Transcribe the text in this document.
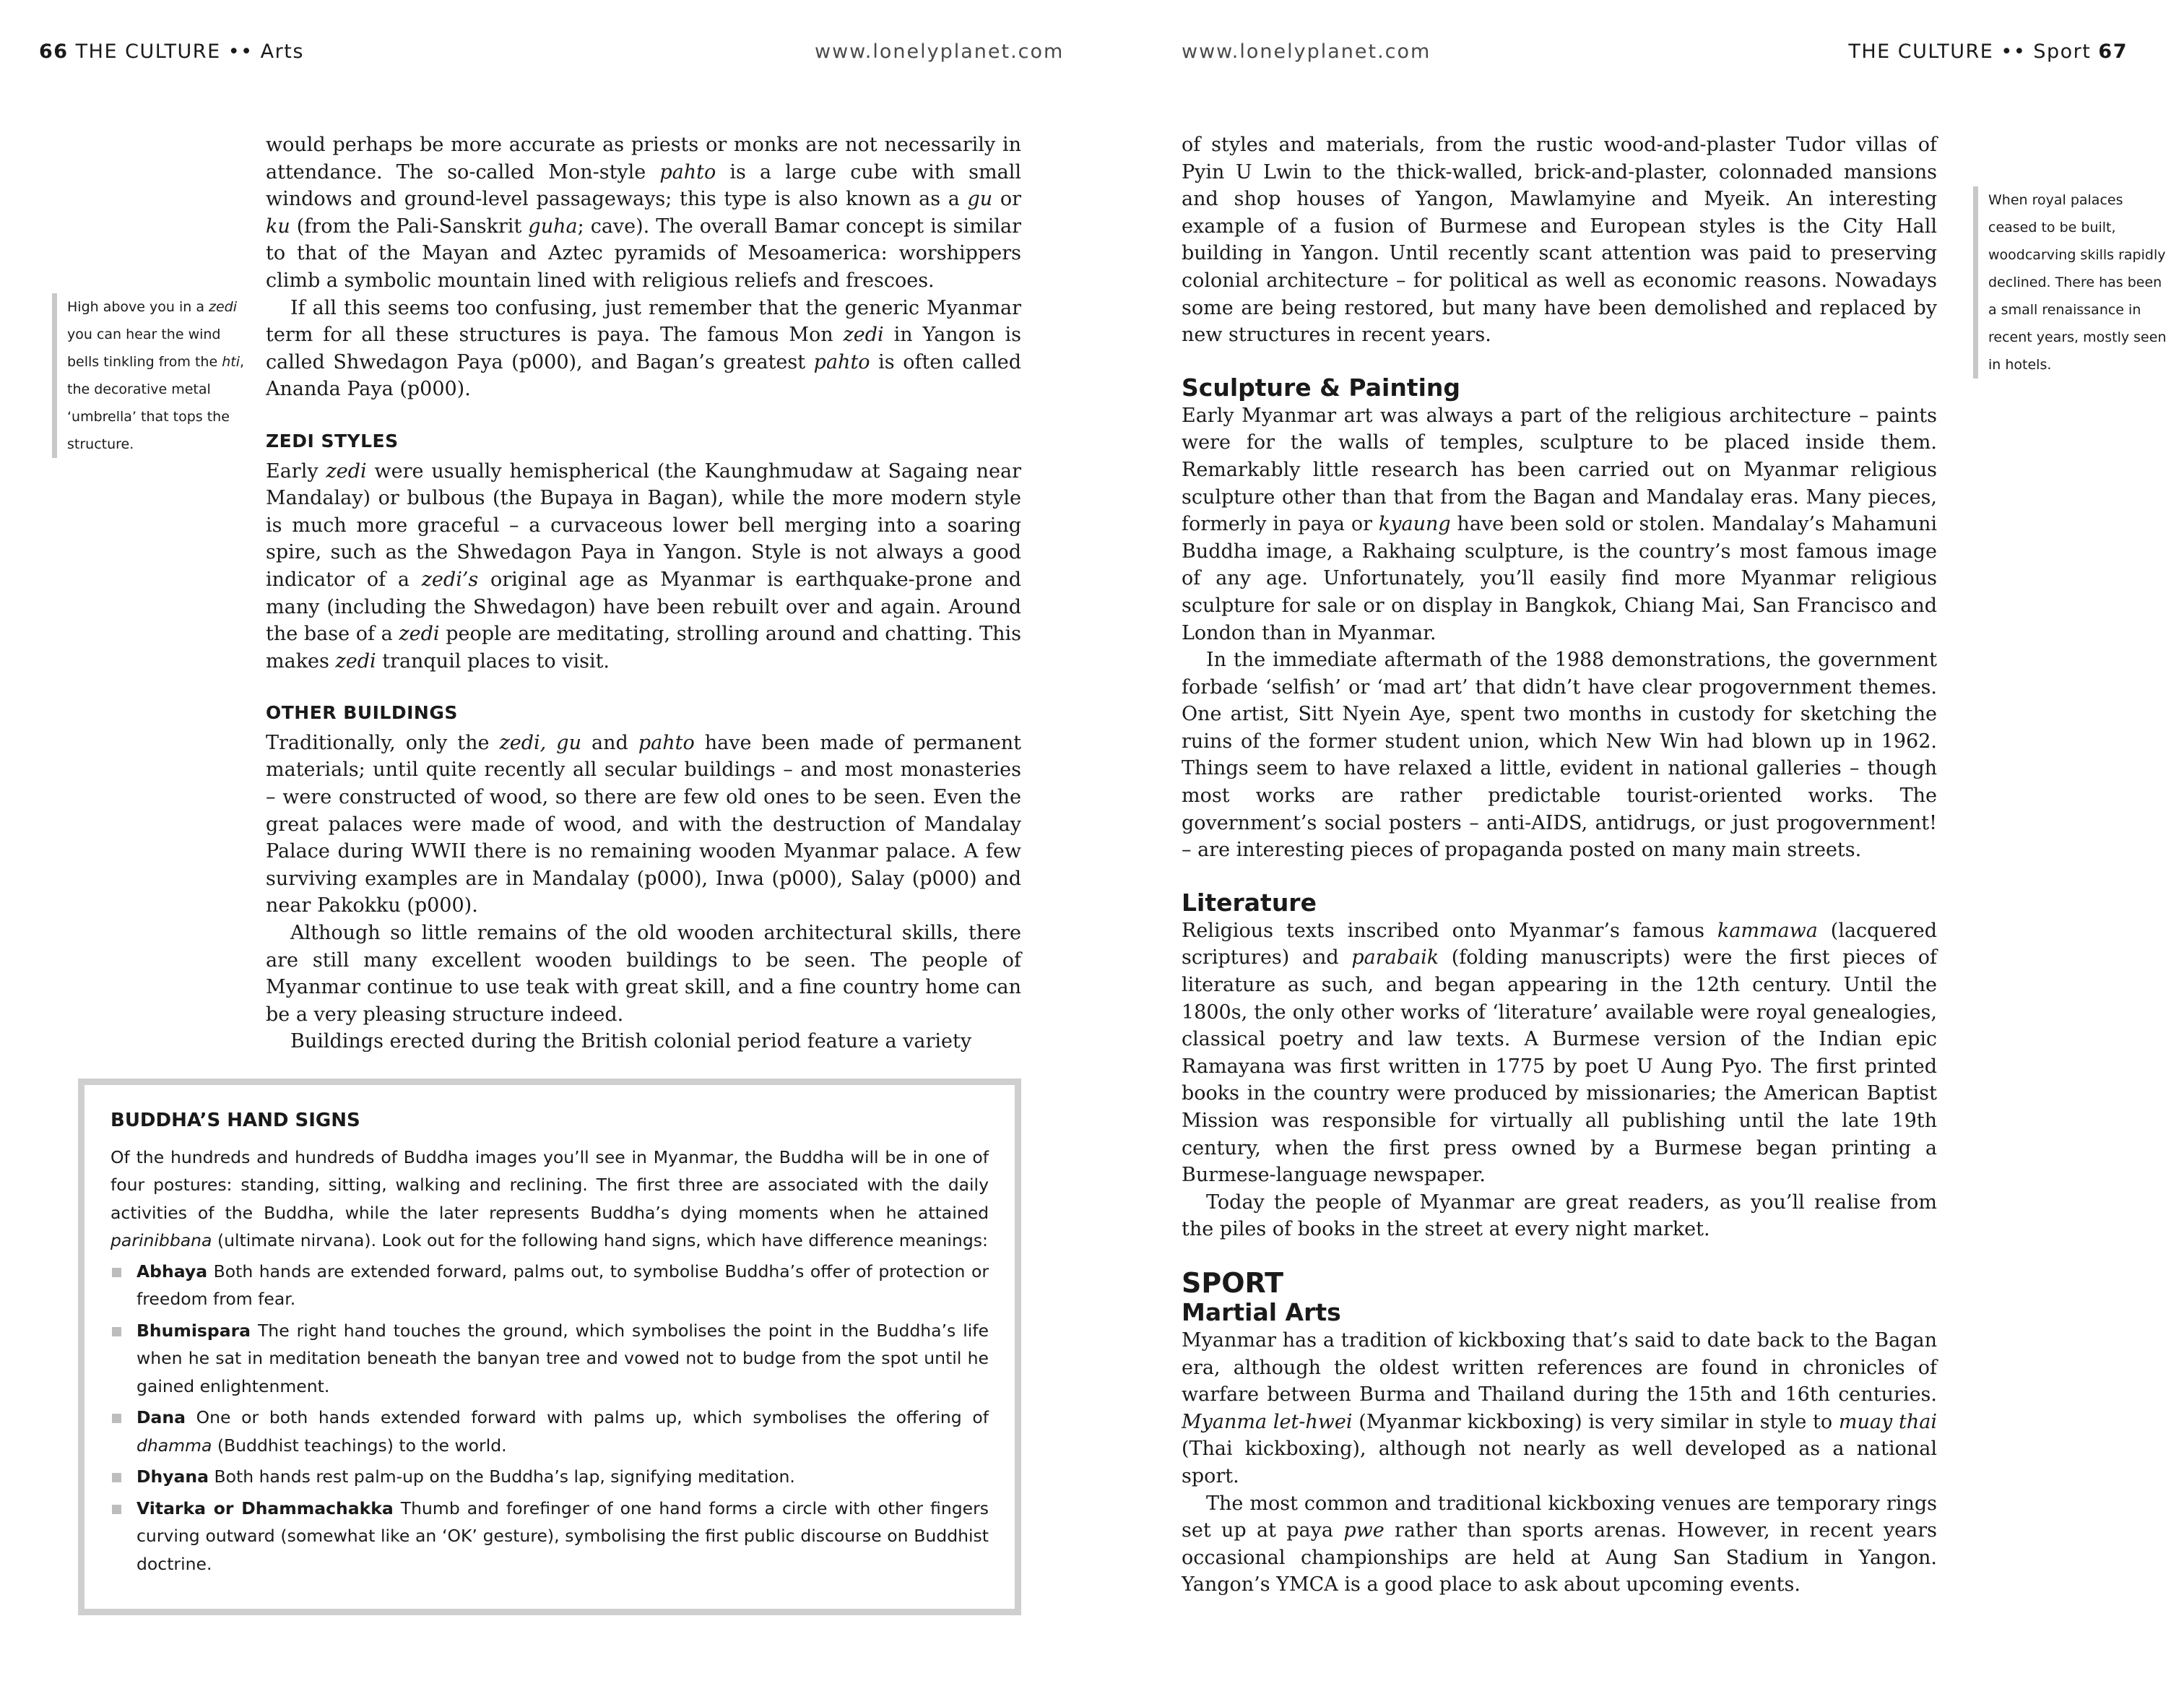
66 THE CULTURE •• Arts	www.lonelyplanet.com
High above you in a zedi you can hear the wind bells tinkling from the hti, the decorative metal ‘umbrella’ that tops the structure.

would perhaps be more accurate as priests or monks are not necessarily in attendance. The so-called Mon-style pahto is a large cube with small windows and ground-level passageways; this type is also known as a gu or ku (from the Pali-Sanskrit guha; cave). The overall Bamar concept is similar to that of the Mayan and Aztec pyramids of Mesoamerica: worshippers climb a symbolic mountain lined with religious reliefs and frescoes.

If all this seems too confusing, just remember that the generic Myanmar term for all these structures is paya. The famous Mon zedi in Yangon is called Shwedagon Paya (p000), and Bagan’s greatest pahto is often called Ananda Paya (p000).

ZEDI STYLES

Early zedi were usually hemispherical (the Kaunghmudaw at Sagaing near Mandalay) or bulbous (the Bupaya in Bagan), while the more modern style is much more graceful – a curvaceous lower bell merging into a soaring spire, such as the Shwedagon Paya in Yangon. Style is not always a good indicator of a zedi’s original age as Myanmar is earthquake-prone and many (including the Shwedagon) have been rebuilt over and again. Around the base of a zedi people are meditating, strolling around and chatting. This makes zedi tranquil places to visit.

OTHER BUILDINGS

Traditionally, only the zedi, gu and pahto have been made of permanent materials; until quite recently all secular buildings – and most monasteries – were constructed of wood, so there are few old ones to be seen. Even the great palaces were made of wood, and with the destruction of Mandalay Palace during WWII there is no remaining wooden Myanmar palace. A few surviving examples are in Mandalay (p000), Inwa (p000), Salay (p000) and near Pakokku (p000).

Although so little remains of the old wooden architectural skills, there are still many excellent wooden buildings to be seen. The people of Myanmar continue to use teak with great skill, and a fine country home can be a very pleasing structure indeed.

Buildings erected during the British colonial period feature a variety

BUDDHA’S HAND SIGNS

Of the hundreds and hundreds of Buddha images you’ll see in Myanmar, the Buddha will be in one of four postures: standing, sitting, walking and reclining. The first three are associated with the daily activities of the Buddha, while the later represents Buddha’s dying moments when he attained parinibbana (ultimate nirvana). Look out for the following hand signs, which have difference meanings:

Abhaya Both hands are extended forward, palms out, to symbolise Buddha’s offer of protection or freedom from fear.
Bhumispara The right hand touches the ground, which symbolises the point in the Buddha’s life when he sat in meditation beneath the banyan tree and vowed not to budge from the spot until he gained enlightenment.
Dana One or both hands extended forward with palms up, which symbolises the offering of dhamma (Buddhist teachings) to the world.
Dhyana Both hands rest palm-up on the Buddha’s lap, signifying meditation.
Vitarka or Dhammachakka Thumb and forefinger of one hand forms a circle with other fingers curving outward (somewhat like an ‘OK’ gesture), symbolising the first public discourse on Buddhist doctrine.
www.lonelyplanet.com	THE CULTURE •• Sport 67
When royal palaces ceased to be built, woodcarving skills rapidly declined. There has been a small renaissance in recent years, mostly seen in hotels.

of styles and materials, from the rustic wood-and-plaster Tudor villas of Pyin U Lwin to the thick-walled, brick-and-plaster, colonnaded mansions and shop houses of Yangon, Mawlamyine and Myeik. An interesting example of a fusion of Burmese and European styles is the City Hall building in Yangon. Until recently scant attention was paid to preserving colonial architecture – for political as well as economic reasons. Nowadays some are being restored, but many have been demolished and replaced by new structures in recent years.

Sculpture & Painting

Early Myanmar art was always a part of the religious architecture – paints were for the walls of temples, sculpture to be placed inside them. Remarkably little research has been carried out on Myanmar religious sculpture other than that from the Bagan and Mandalay eras. Many pieces, formerly in paya or kyaung have been sold or stolen. Mandalay’s Mahamuni Buddha image, a Rakhaing sculpture, is the country’s most famous image of any age. Unfortunately, you’ll easily find more Myanmar religious sculpture for sale or on display in Bangkok, Chiang Mai, San Francisco and London than in Myanmar.

In the immediate aftermath of the 1988 demonstrations, the government forbade ‘selfish’ or ‘mad art’ that didn’t have clear progovernment themes. One artist, Sitt Nyein Aye, spent two months in custody for sketching the ruins of the former student union, which New Win had blown up in 1962. Things seem to have relaxed a little, evident in national galleries – though most works are rather predictable tourist-oriented works. The government’s social posters – anti-AIDS, antidrugs, or just progovernment! – are interesting pieces of propaganda posted on many main streets.

Literature

Religious texts inscribed onto Myanmar’s famous kammawa (lacquered scriptures) and parabaik (folding manuscripts) were the first pieces of literature as such, and began appearing in the 12th century. Until the 1800s, the only other works of ‘literature’ available were royal genealogies, classical poetry and law texts. A Burmese version of the Indian epic Ramayana was first written in 1775 by poet U Aung Pyo. The first printed books in the country were produced by missionaries; the American Baptist Mission was responsible for virtually all publishing until the late 19th century, when the first press owned by a Burmese began printing a Burmese-language newspaper.

Today the people of Myanmar are great readers, as you’ll realise from the piles of books in the street at every night market.

SPORT
Martial Arts

Myanmar has a tradition of kickboxing that’s said to date back to the Bagan era, although the oldest written references are found in chronicles of warfare between Burma and Thailand during the 15th and 16th centuries. Myanma let-hwei (Myanmar kickboxing) is very similar in style to muay thai (Thai kickboxing), although not nearly as well developed as a national sport.

The most common and traditional kickboxing venues are temporary rings set up at paya pwe rather than sports arenas. However, in recent years occasional championships are held at Aung San Stadium in Yangon. Yangon’s YMCA is a good place to ask about upcoming events.
